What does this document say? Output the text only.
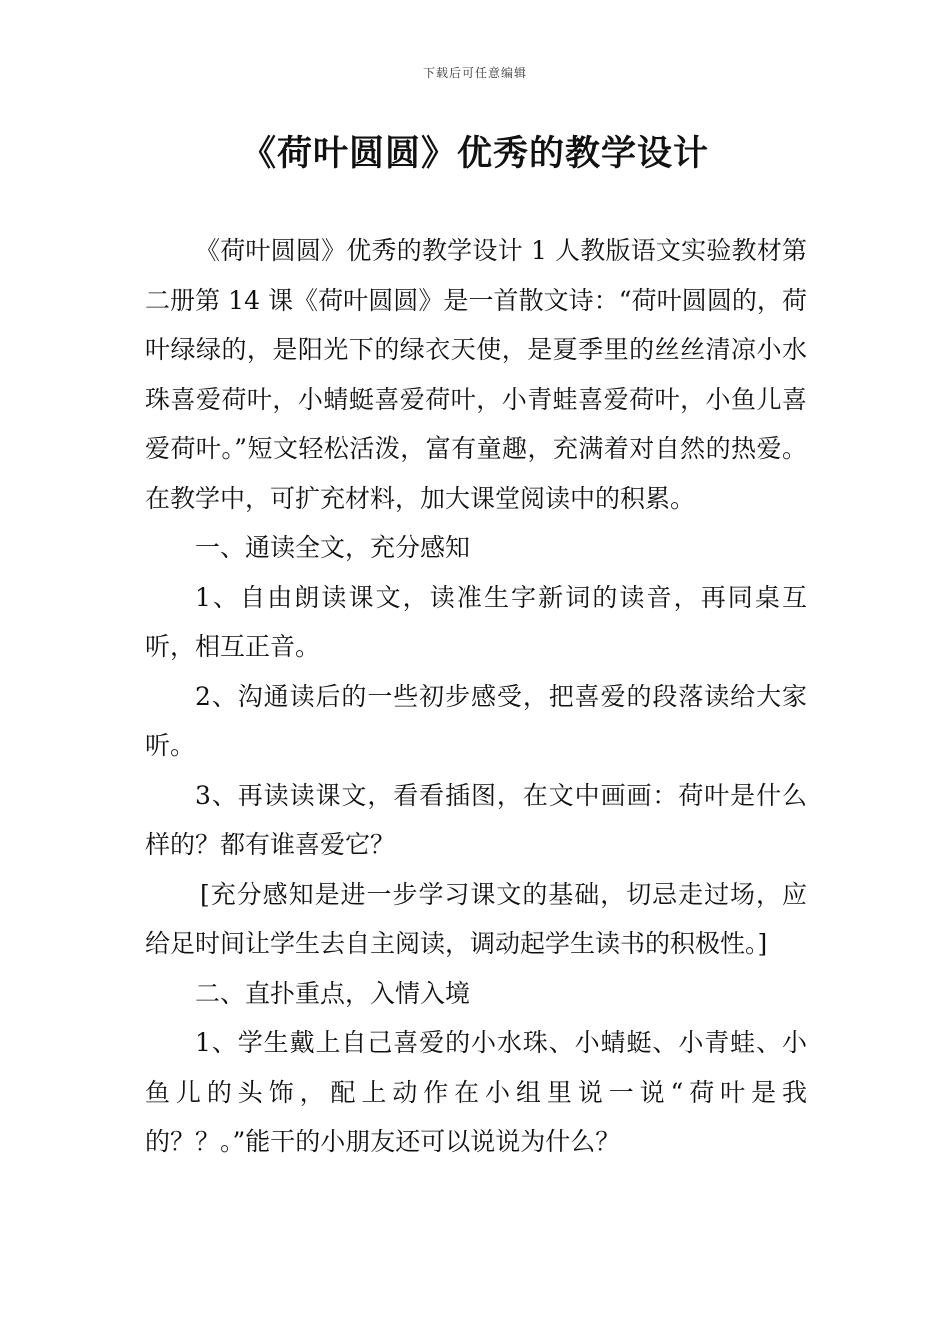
下载后可任意编辑
《荷叶圆圆》优秀的教学设计

《荷叶圆圆》优秀的教学设计 1 人教版语文实验教材第二册第 14 课《荷叶圆圆》是一首散文诗：“荷叶圆圆的，荷叶绿绿的，是阳光下的绿衣天使，是夏季里的丝丝清凉小水珠喜爱荷叶，小蜻蜓喜爱荷叶，小青蛙喜爱荷叶，小鱼儿喜爱荷叶。”短文轻松活泼，富有童趣，充满着对自然的热爱。在教学中，可扩充材料，加大课堂阅读中的积累。

一、通读全文，充分感知

1、自由朗读课文，读准生字新词的读音，再同桌互听，相互正音。

2、沟通读后的一些初步感受，把喜爱的段落读给大家听。

3、再读读课文，看看插图，在文中画画：荷叶是什么样的？都有谁喜爱它？

[充分感知是进一步学习课文的基础，切忌走过场，应给足时间让学生去自主阅读，调动起学生读书的积极性。]

二、直扑重点，入情入境

1、学生戴上自己喜爱的小水珠、小蜻蜓、小青蛙、小鱼儿的头饰，配上动作在小组里说一说“荷叶是我的？？。”能干的小朋友还可以说说为什么？
